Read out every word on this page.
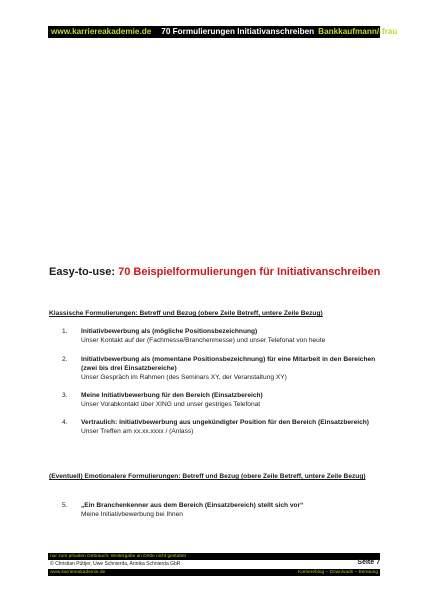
www.karriereakademie.de 70 Formulierungen Initiativanschreiben Bankkaufmann/-frau
Easy-to-use: 70 Beispielformulierungen für Initiativanschreiben
Klassische Formulierungen: Betreff und Bezug (obere Zeile Betreff, untere Zeile Bezug)
1. Initiativbewerbung als (mögliche Positionsbezeichnung)
Unser Kontakt auf der (Fachmesse/Branchenmesse) und unser Telefonat von heute
2. Initiativbewerbung als (momentane Positionsbezeichnung) für eine Mitarbeit in den Bereichen (zwei bis drei Einsatzbereiche)
Unser Gespräch im Rahmen (des Seminars XY, der Veranstaltung XY)
3. Meine Initiativbewerbung für den Bereich (Einsatzbereich)
Unser Vorabkontakt über XING und unser gestriges Telefonat
4. Vertraulich: Initiativbewerbung aus ungekündigter Position für den Bereich (Einsatzbereich)
Unser Treffen am xx.xx.xxxx / (Anlass)
(Eventuell) Emotionalere Formulierungen: Betreff und Bezug (obere Zeile Betreff, untere Zeile Bezug)
5. „Ein Branchenkenner aus dem Bereich (Einsatzbereich) stellt sich vor“
Meine Initiativbewerbung bei Ihnen
nur zum privaten Gebrauch, Weitergabe an Dritte nicht gestattet
© Christian Püttjer, Uwe Schnierda, Annika Schnierda GbR	Seite 7
www.karriereakademie.de	Karriereblog – Downloads – Beratung
